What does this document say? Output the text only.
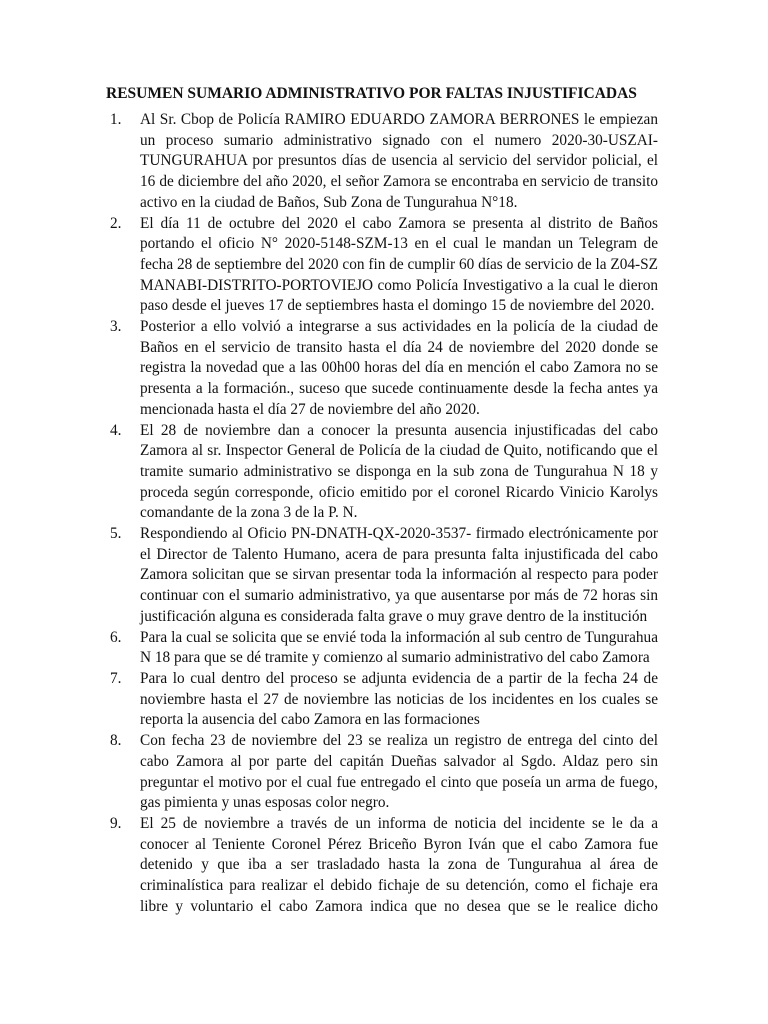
RESUMEN SUMARIO ADMINISTRATIVO POR FALTAS INJUSTIFICADAS
1. Al Sr. Cbop de Policía RAMIRO EDUARDO ZAMORA BERRONES le empiezan un proceso sumario administrativo signado con el numero 2020-30-USZAI-TUNGURAHUA por presuntos días de usencia al servicio del servidor policial, el 16 de diciembre del año 2020, el señor Zamora se encontraba en servicio de transito activo en la ciudad de Baños, Sub Zona de Tungurahua N°18.
2. El día 11 de octubre del 2020 el cabo Zamora se presenta al distrito de Baños portando el oficio N° 2020-5148-SZM-13 en el cual le mandan un Telegram de fecha 28 de septiembre del 2020 con fin de cumplir 60 días de servicio de la Z04-SZ MANABI-DISTRITO-PORTOVIEJO como Policía Investigativo a la cual le dieron paso desde el jueves 17 de septiembres hasta el domingo 15 de noviembre del 2020.
3. Posterior a ello volvió a integrarse a sus actividades en la policía de la ciudad de Baños en el servicio de transito hasta el día 24 de noviembre del 2020 donde se registra la novedad que a las 00h00 horas del día en mención el cabo Zamora no se presenta a la formación., suceso que sucede continuamente desde la fecha antes ya mencionada hasta el día 27 de noviembre del año 2020.
4. El 28 de noviembre dan a conocer la presunta ausencia injustificadas del cabo Zamora al sr. Inspector General de Policía de la ciudad de Quito, notificando que el tramite sumario administrativo se disponga en la sub zona de Tungurahua N 18 y proceda según corresponde, oficio emitido por el coronel Ricardo Vinicio Karolys comandante de la zona 3 de la P. N.
5. Respondiendo al Oficio PN-DNATH-QX-2020-3537- firmado electrónicamente por el Director de Talento Humano, acera de para presunta falta injustificada del cabo Zamora solicitan que se sirvan presentar toda la información al respecto para poder continuar con el sumario administrativo, ya que ausentarse por más de 72 horas sin justificación alguna es considerada falta grave o muy grave dentro de la institución
6. Para la cual se solicita que se envié toda la información al sub centro de Tungurahua N 18 para que se dé tramite y comienzo al sumario administrativo del cabo Zamora
7. Para lo cual dentro del proceso se adjunta evidencia de a partir de la fecha 24 de noviembre hasta el 27 de noviembre las noticias de los incidentes en los cuales se reporta la ausencia del cabo Zamora en las formaciones
8. Con fecha 23 de noviembre del 23 se realiza un registro de entrega del cinto del cabo Zamora al por parte del capitán Dueñas salvador al Sgdo. Aldaz pero sin preguntar el motivo por el cual fue entregado el cinto que poseía un arma de fuego, gas pimienta y unas esposas color negro.
9. El 25 de noviembre a través de un informa de noticia del incidente se le da a conocer al Teniente Coronel Pérez Briceño Byron Iván que el cabo Zamora fue detenido y que iba a ser trasladado hasta la zona de Tungurahua al área de criminalística para realizar el debido fichaje de su detención, como el fichaje era libre y voluntario el cabo Zamora indica que no desea que se le realice dicho
